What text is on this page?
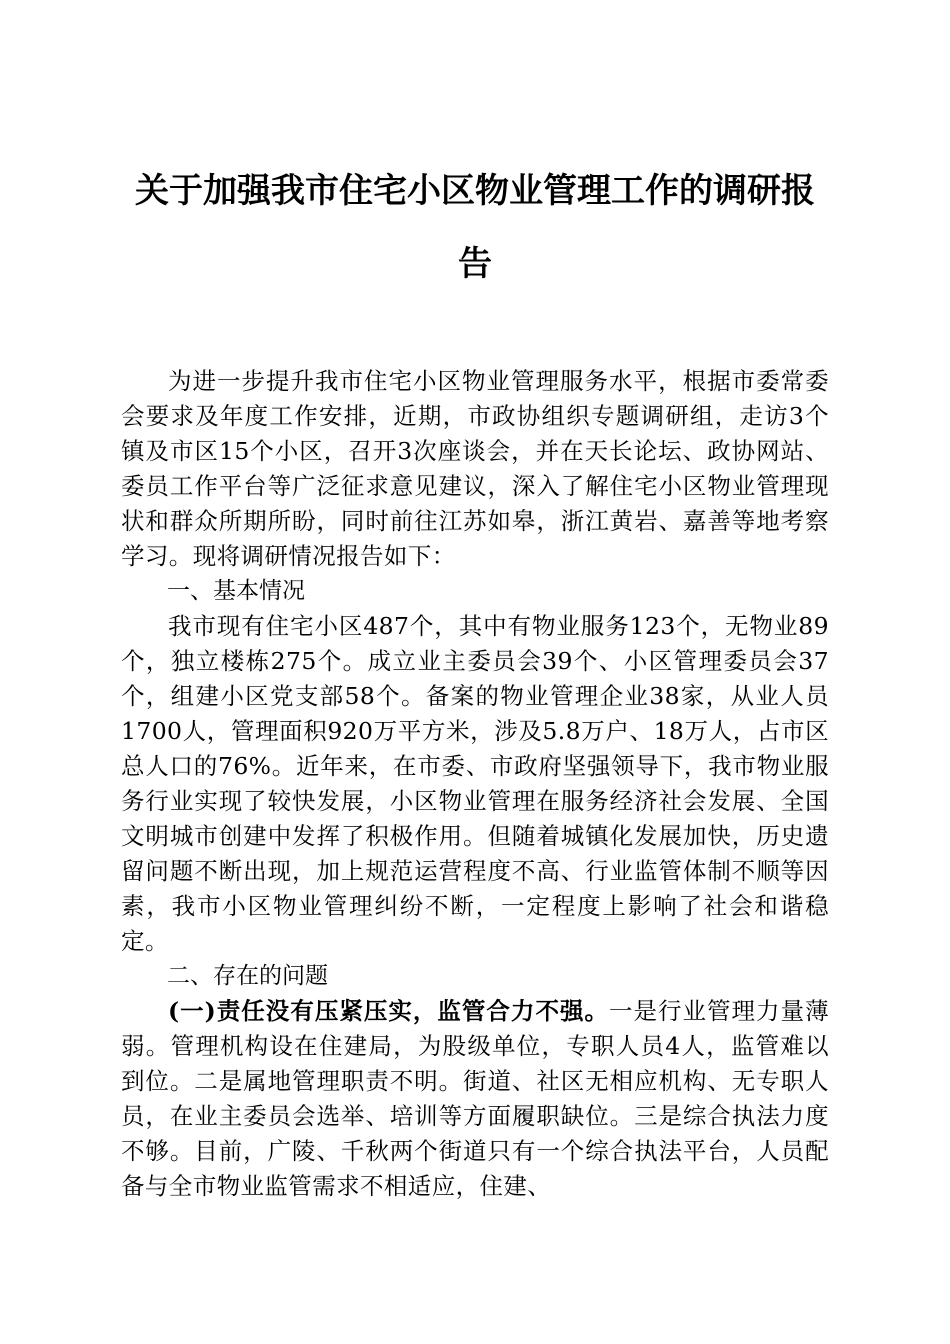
关于加强我市住宅小区物业管理工作的调研报
告

为进一步提升我市住宅小区物业管理服务水平，根据市委常委会要求及年度工作安排，近期，市政协组织专题调研组，走访3个镇及市区15个小区，召开3次座谈会，并在天长论坛、政协网站、委员工作平台等广泛征求意见建议，深入了解住宅小区物业管理现状和群众所期所盼，同时前往江苏如皋，浙江黄岩、嘉善等地考察学习。现将调研情况报告如下：

一、基本情况

我市现有住宅小区487个，其中有物业服务123个，无物业89个，独立楼栋275个。成立业主委员会39个、小区管理委员会37个，组建小区党支部58个。备案的物业管理企业38家，从业人员1700人，管理面积920万平方米，涉及5.8万户、18万人，占市区总人口的76%。近年来，在市委、市政府坚强领导下，我市物业服务行业实现了较快发展，小区物业管理在服务经济社会发展、全国文明城市创建中发挥了积极作用。但随着城镇化发展加快，历史遗留问题不断出现，加上规范运营程度不高、行业监管体制不顺等因素，我市小区物业管理纠纷不断，一定程度上影响了社会和谐稳定。

二、存在的问题

(一)责任没有压紧压实，监管合力不强。一是行业管理力量薄弱。管理机构设在住建局，为股级单位，专职人员4人，监管难以到位。二是属地管理职责不明。街道、社区无相应机构、无专职人员，在业主委员会选举、培训等方面履职缺位。三是综合执法力度不够。目前，广陵、千秋两个街道只有一个综合执法平台，人员配备与全市物业监管需求不相适应，住建、
